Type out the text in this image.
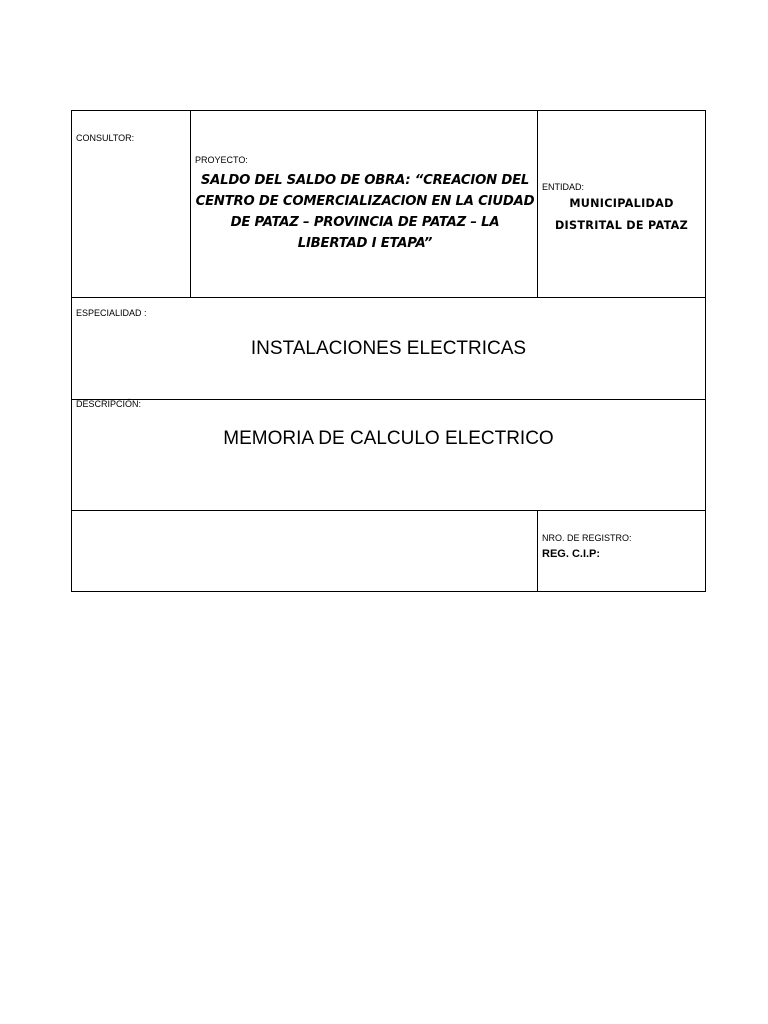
CONSULTOR:
PROYECTO:
SALDO DEL SALDO DE OBRA: “CREACION DEL CENTRO DE COMERCIALIZACION EN LA CIUDAD DE PATAZ – PROVINCIA DE PATAZ – LA LIBERTAD I ETAPA”
ENTIDAD:
MUNICIPALIDAD
DISTRITAL DE PATAZ
ESPECIALIDAD :
INSTALACIONES ELECTRICAS
DESCRIPCIÓN:
MEMORIA DE CALCULO ELECTRICO
NRO. DE REGISTRO:
REG. C.I.P:
